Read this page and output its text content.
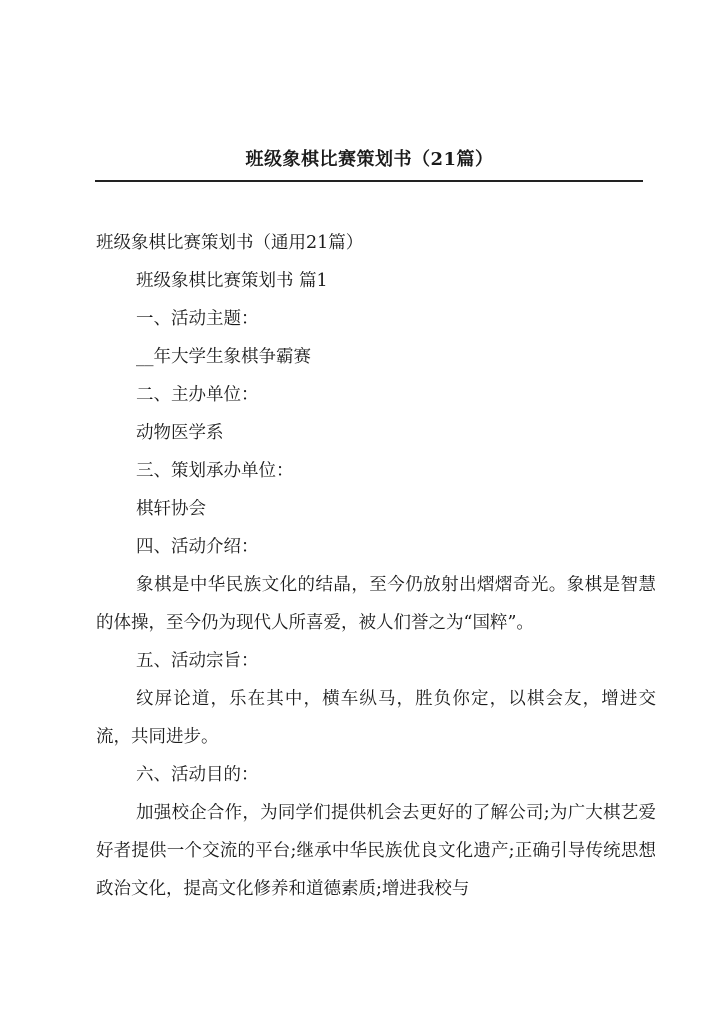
班级象棋比赛策划书（21篇）

班级象棋比赛策划书（通用21篇）

班级象棋比赛策划书 篇1

一、活动主题：

__年大学生象棋争霸赛

二、主办单位：

动物医学系

三、策划承办单位：

棋轩协会

四、活动介绍：

象棋是中华民族文化的结晶，至今仍放射出熠熠奇光。象棋是智慧的体操，至今仍为现代人所喜爱，被人们誉之为“国粹”。

五、活动宗旨：

纹屏论道，乐在其中，横车纵马，胜负你定，以棋会友，增进交流，共同进步。

六、活动目的：

加强校企合作，为同学们提供机会去更好的了解公司;为广大棋艺爱好者提供一个交流的平台;继承中华民族优良文化遗产;正确引导传统思想政治文化，提高文化修养和道德素质;增进我校与
